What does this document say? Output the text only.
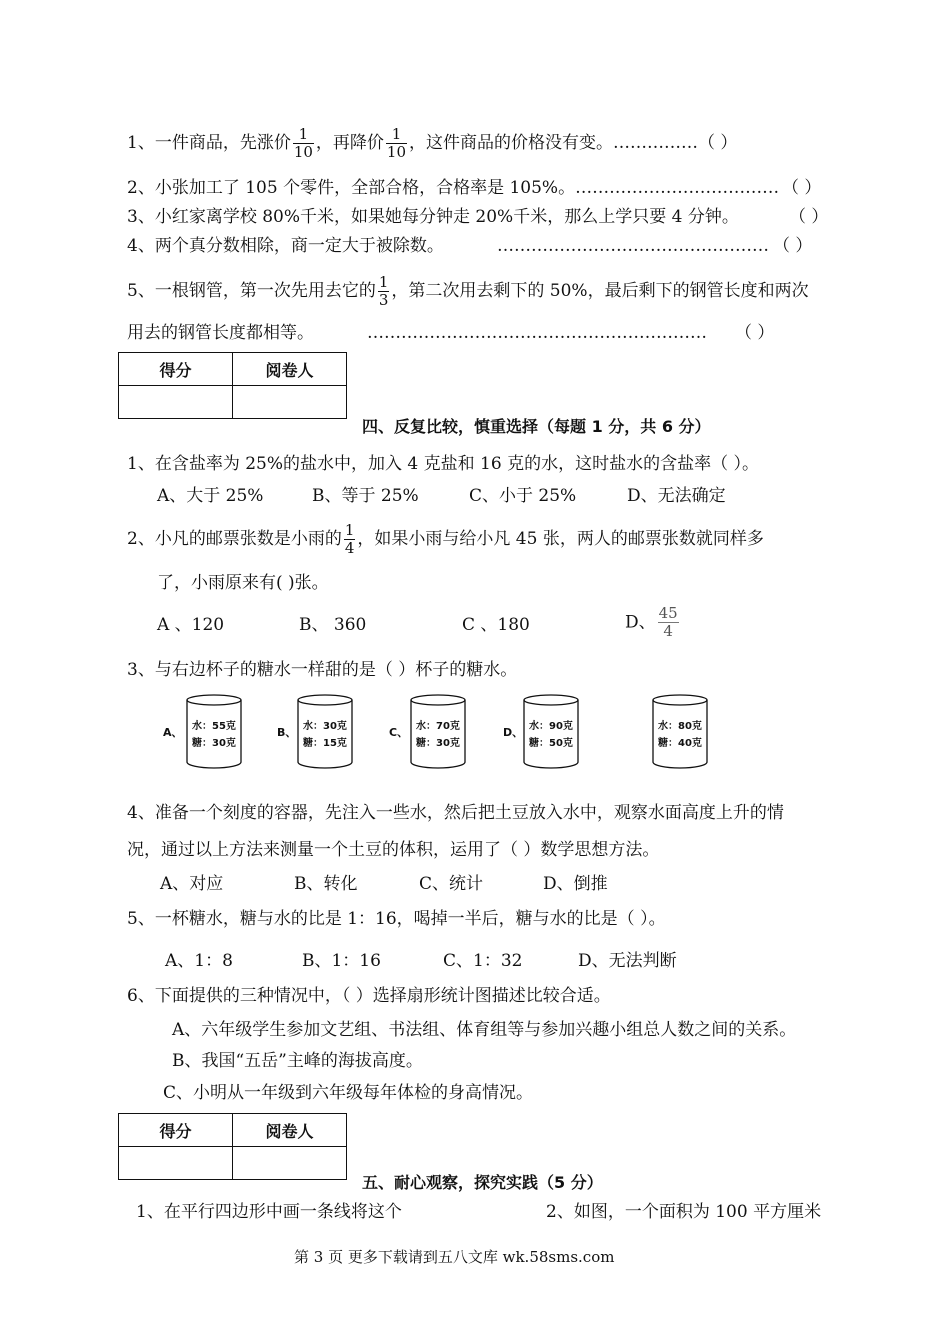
1、一件商品，先涨价 $\frac{1}{10}$ ，再降价 $\frac{1}{10}$ ，这件商品的价格没有变。……………（ ）
2、小张加工了 105 个零件，全部合格，合格率是 105%。……………………………… （ ）
3、小红家离学校 80%千米，如果她每分钟走 20%千米，那么上学只要 4 分钟。	（ ）
4、两个真分数相除，商一定大于被除数。	………………………………………… （ ）
5、一根钢管，第一次先用去它的 $\frac{1}{3}$ ，第二次用去剩下的 50%，最后剩下的钢管长度和两次
用去的钢管长度都相等。	…………………………………………………… （ ）
得分	阅卷人

四、反复比较，慎重选择（每题 1 分，共 6 分）
1、在含盐率为 25%的盐水中，加入 4 克盐和 16 克的水，这时盐水的含盐率（ ）。
A、大于 25%	B、等于 25%	C、小于 25%	D、无法确定
2、小凡的邮票张数是小雨的 $\frac{1}{4}$ ，如果小雨与给小凡 45 张，两人的邮票张数就同样多
了，小雨原来有( )张。
A 、120	B、 360	C 、180	D、 $\frac{45}{4}$
3、与右边杯子的糖水一样甜的是（ ）杯子的糖水。
A、 水：55克
糖：30克
B、 水：30克
糖：15克
C、 水：70克
糖：30克
D、 水：90克
糖：50克
水：80克
糖：40克
4、准备一个刻度的容器，先注入一些水，然后把土豆放入水中，观察水面高度上升的情
况，通过以上方法来测量一个土豆的体积，运用了（ ）数学思想方法。
A、对应	B、转化	C、统计	D、倒推
5、一杯糖水，糖与水的比是 1：16，喝掉一半后，糖与水的比是（ ）。
A、1：8	B、1：16	C、1：32	D、无法判断
6、下面提供的三种情况中，（ ）选择扇形统计图描述比较合适。
A、六年级学生参加文艺组、书法组、体育组等与参加兴趣小组总人数之间的关系。
B、我国“五岳”主峰的海拔高度。
C、小明从一年级到六年级每年体检的身高情况。
得分	阅卷人

五、耐心观察，探究实践（5 分）
1、在平行四边形中画一条线将这个	2、如图，一个面积为 100 平方厘米
第 3 页 更多下载请到五八文库 wk.58sms.com
